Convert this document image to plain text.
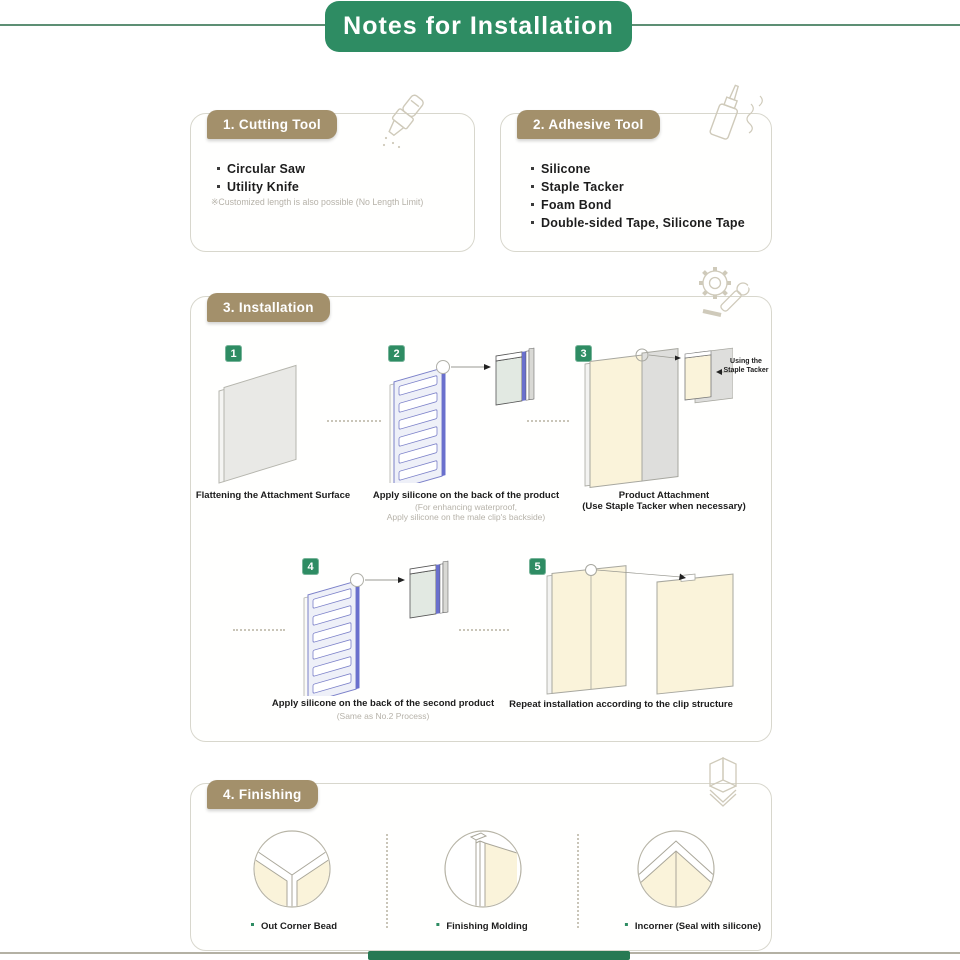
Notes for Installation
1. Cutting Tool
Circular Saw
Utility Knife
※Customized length is also possible (No Length Limit)
2. Adhesive Tool
Silicone
Staple Tacker
Foam Bond
Double-sided Tape, Silicone Tape
3. Installation
1	2	3
4	5
Using the
Staple Tacker
Flattening the Attachment Surface Apply silicone on the back of the product
(For enhancing waterproof,
Apply silicone on the male clip's backside)
Product Attachment
(Use Staple Tacker when necessary)
Apply silicone on the back of the second product
(Same as No.2 Process)
Repeat installation according to the clip structure
4. Finishing
Out Corner Bead	Finishing Molding	Incorner (Seal with silicone)
